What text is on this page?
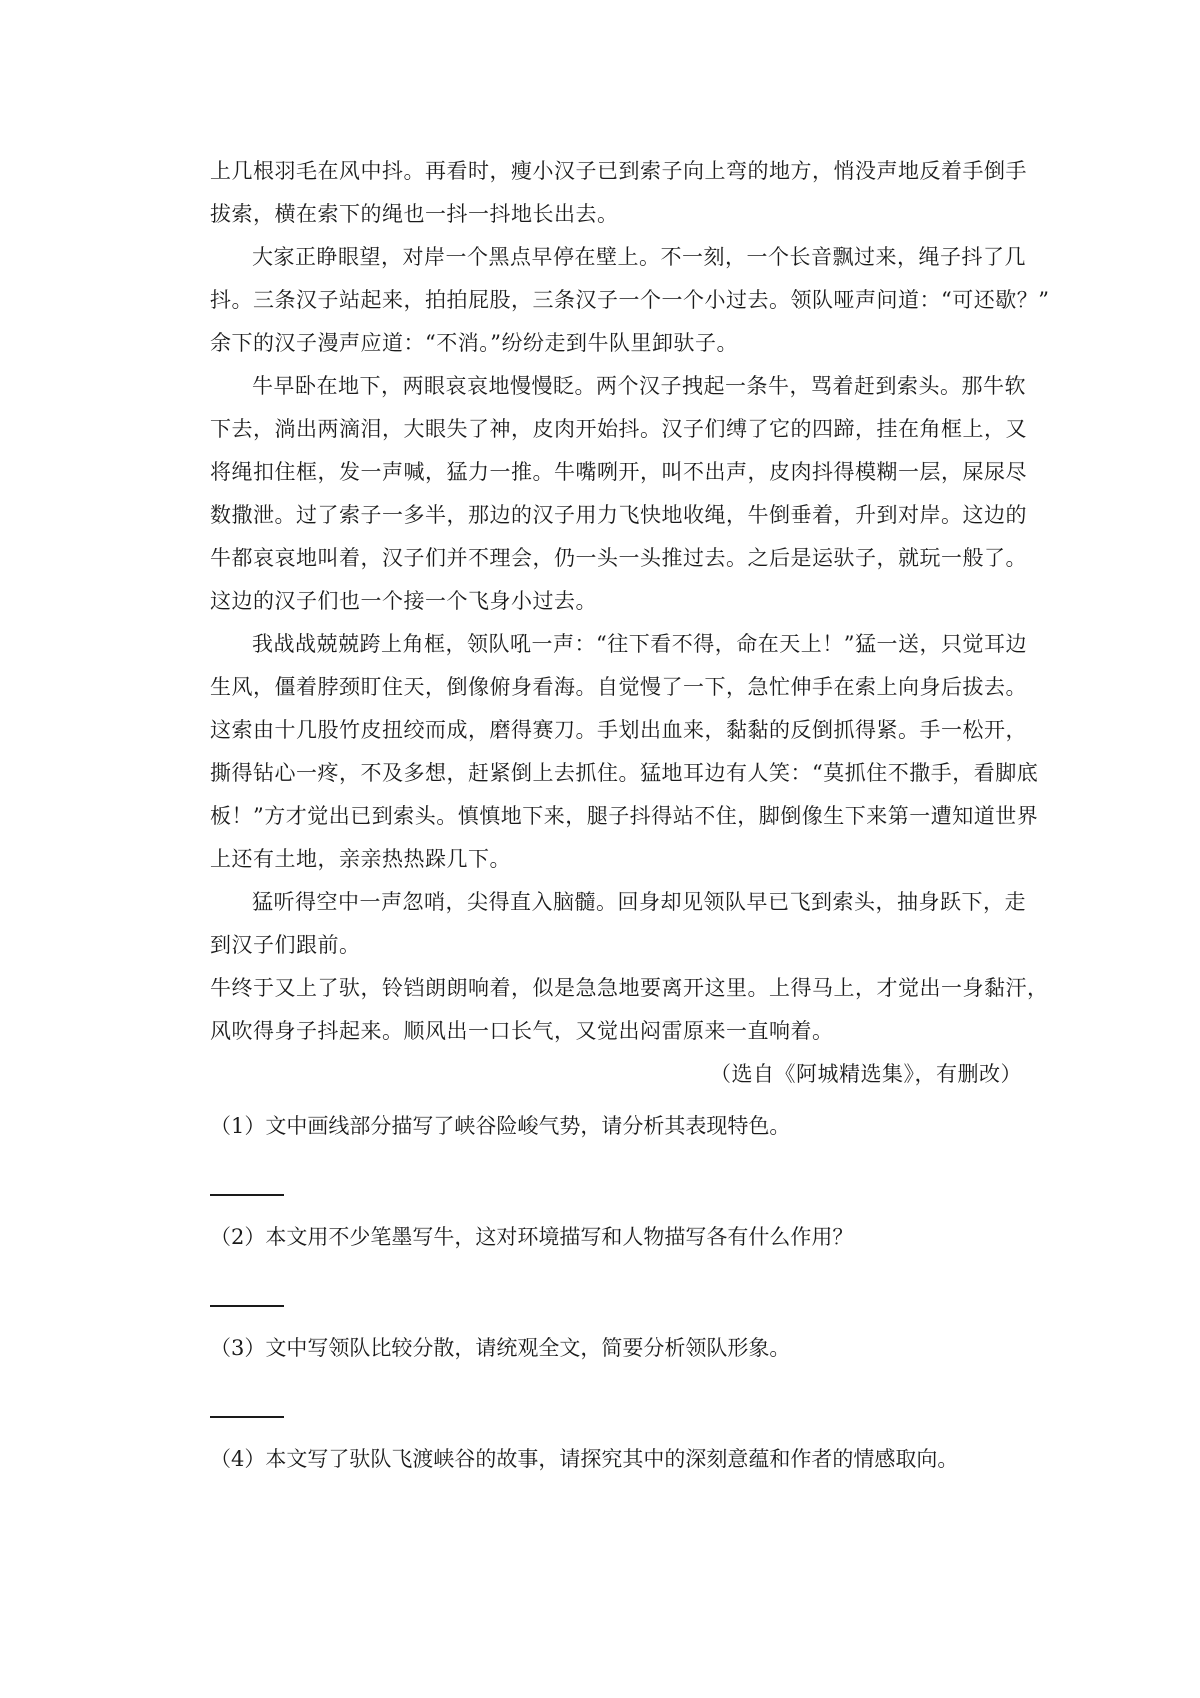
上几根羽毛在风中抖。再看时，瘦小汉子已到索子向上弯的地方，悄没声地反着手倒手
拔索，横在索下的绳也一抖一抖地长出去。
大家正睁眼望，对岸一个黑点早停在壁上。不一刻，一个长音飘过来，绳子抖了几
抖。三条汉子站起来，拍拍屁股，三条汉子一个一个小过去。领队哑声问道：“可还歇？”
余下的汉子漫声应道：“不消。”纷纷走到牛队里卸驮子。
牛早卧在地下，两眼哀哀地慢慢眨。两个汉子拽起一条牛，骂着赶到索头。那牛软
下去，淌出两滴泪，大眼失了神，皮肉开始抖。汉子们缚了它的四蹄，挂在角框上，又
将绳扣住框，发一声喊，猛力一推。牛嘴咧开，叫不出声，皮肉抖得模糊一层，屎尿尽
数撒泄。过了索子一多半，那边的汉子用力飞快地收绳，牛倒垂着，升到对岸。这边的
牛都哀哀地叫着，汉子们并不理会，仍一头一头推过去。之后是运驮子，就玩一般了。
这边的汉子们也一个接一个飞身小过去。
我战战兢兢跨上角框，领队吼一声：“往下看不得，命在天上！”猛一送，只觉耳边
生风，僵着脖颈盯住天，倒像俯身看海。自觉慢了一下，急忙伸手在索上向身后拔去。
这索由十几股竹皮扭绞而成，磨得赛刀。手划出血来，黏黏的反倒抓得紧。手一松开，
撕得钻心一疼，不及多想，赶紧倒上去抓住。猛地耳边有人笑：“莫抓住不撒手，看脚底
板！”方才觉出已到索头。慎慎地下来，腿子抖得站不住，脚倒像生下来第一遭知道世界
上还有土地，亲亲热热跺几下。
猛听得空中一声忽哨，尖得直入脑髓。回身却见领队早已飞到索头，抽身跃下，走
到汉子们跟前。
牛终于又上了驮，铃铛朗朗响着，似是急急地要离开这里。上得马上，才觉出一身黏汗，
风吹得身子抖起来。顺风出一口长气，又觉出闷雷原来一直响着。
（选自《阿城精选集》，有删改）
（1）文中画线部分描写了峡谷险峻气势，请分析其表现特色。
（2）本文用不少笔墨写牛，这对环境描写和人物描写各有什么作用？
（3）文中写领队比较分散，请统观全文，简要分析领队形象。
（4）本文写了驮队飞渡峡谷的故事，请探究其中的深刻意蕴和作者的情感取向。
